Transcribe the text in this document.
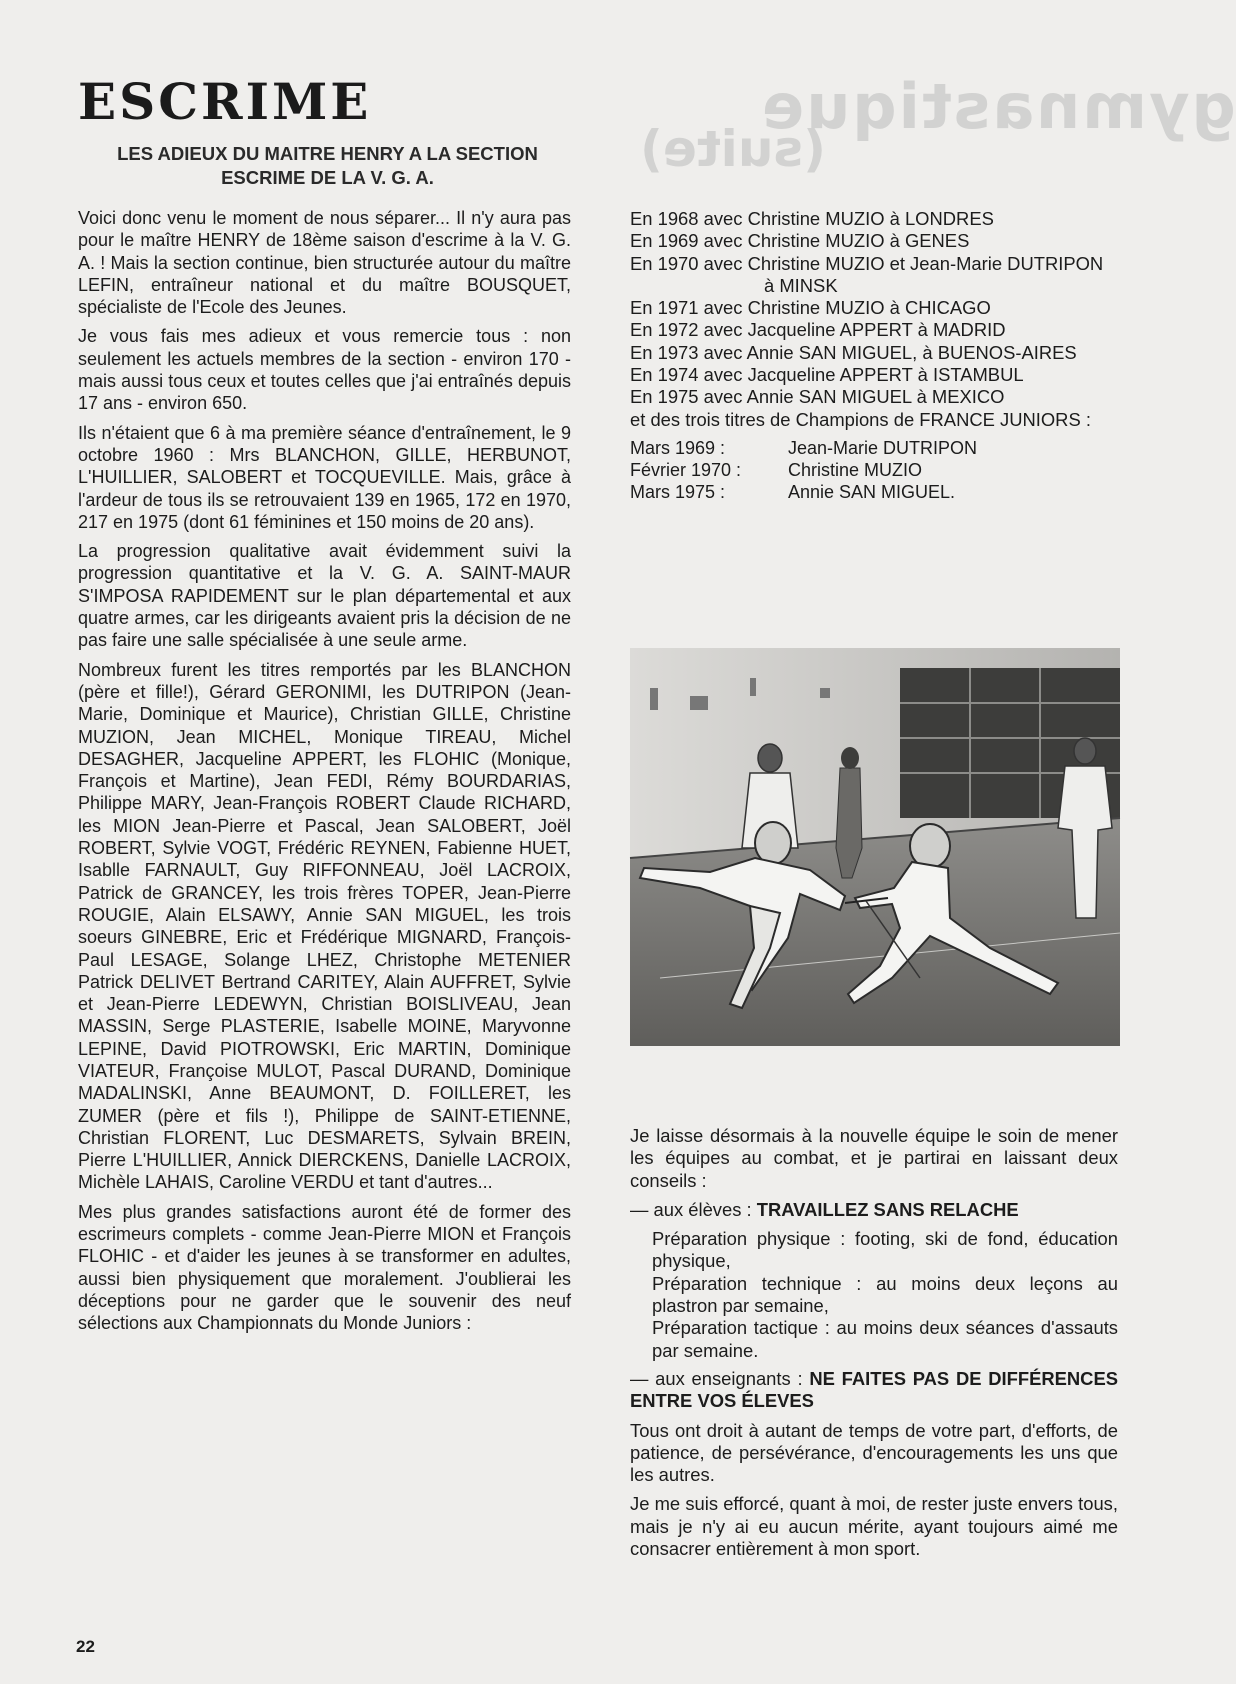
gymnastique
(suite)
ESCRIME
LES ADIEUX DU MAITRE HENRY A LA SECTION ESCRIME DE LA V. G. A.

Voici donc venu le moment de nous séparer... Il n'y aura pas pour le maître HENRY de 18ème saison d'escrime à la V. G. A. ! Mais la section continue, bien structurée autour du maître LEFIN, entraîneur national et du maître BOUSQUET, spécialiste de l'Ecole des Jeunes.

Je vous fais mes adieux et vous remercie tous : non seulement les actuels membres de la section - environ 170 - mais aussi tous ceux et toutes celles que j'ai entraînés depuis 17 ans - environ 650.

Ils n'étaient que 6 à ma première séance d'entraînement, le 9 octobre 1960 : Mrs BLANCHON, GILLE, HERBUNOT, L'HUILLIER, SALOBERT et TOCQUEVILLE. Mais, grâce à l'ardeur de tous ils se retrouvaient 139 en 1965, 172 en 1970, 217 en 1975 (dont 61 féminines et 150 moins de 20 ans).

La progression qualitative avait évidemment suivi la progression quantitative et la V. G. A. SAINT-MAUR S'IMPOSA RAPIDEMENT sur le plan départemental et aux quatre armes, car les dirigeants avaient pris la décision de ne pas faire une salle spécialisée à une seule arme.

Nombreux furent les titres remportés par les BLANCHON (père et fille!), Gérard GERONIMI, les DUTRIPON (Jean-Marie, Dominique et Maurice), Christian GILLE, Christine MUZION, Jean MICHEL, Monique TIREAU, Michel DESAGHER, Jacqueline APPERT, les FLOHIC (Monique, François et Martine), Jean FEDI, Rémy BOURDARIAS, Philippe MARY, Jean-François ROBERT Claude RICHARD, les MION Jean-Pierre et Pascal, Jean SALOBERT, Joël ROBERT, Sylvie VOGT, Frédéric REYNEN, Fabienne HUET, Isablle FARNAULT, Guy RIFFONNEAU, Joël LACROIX, Patrick de GRANCEY, les trois frères TOPER, Jean-Pierre ROUGIE, Alain ELSAWY, Annie SAN MIGUEL, les trois soeurs GINEBRE, Eric et Frédérique MIGNARD, François-Paul LESAGE, Solange LHEZ, Christophe METENIER Patrick DELIVET Bertrand CARITEY, Alain AUFFRET, Sylvie et Jean-Pierre LEDEWYN, Christian BOISLIVEAU, Jean MASSIN, Serge PLASTERIE, Isabelle MOINE, Maryvonne LEPINE, David PIOTROWSKI, Eric MARTIN, Dominique VIATEUR, Françoise MULOT, Pascal DURAND, Dominique MADALINSKI, Anne BEAUMONT, D. FOILLERET, les ZUMER (père et fils !), Philippe de SAINT-ETIENNE, Christian FLORENT, Luc DESMARETS, Sylvain BREIN, Pierre L'HUILLIER, Annick DIERCKENS, Danielle LACROIX, Michèle LAHAIS, Caroline VERDU et tant d'autres...

Mes plus grandes satisfactions auront été de former des escrimeurs complets - comme Jean-Pierre MION et François FLOHIC - et d'aider les jeunes à se transformer en adultes, aussi bien physiquement que moralement. J'oublierai les déceptions pour ne garder que le souvenir des neuf sélections aux Championnats du Monde Juniors :

En 1968 avec Christine MUZIO à LONDRES
En 1969 avec Christine MUZIO à GENES
En 1970 avec Christine MUZIO et Jean-Marie DUTRIPON à MINSK
En 1971 avec Christine MUZIO à CHICAGO
En 1972 avec Jacqueline APPERT à MADRID
En 1973 avec Annie SAN MIGUEL, à BUENOS-AIRES
En 1974 avec Jacqueline APPERT à ISTAMBUL
En 1975 avec Annie SAN MIGUEL à MEXICO

et des trois titres de Champions de FRANCE JUNIORS :

Mars 1969 :	Jean-Marie DUTRIPON
Février 1970 :	Christine MUZIO
Mars 1975 :	Annie SAN MIGUEL.

Je laisse désormais à la nouvelle équipe le soin de mener les équipes au combat, et je partirai en laissant deux conseils :

— aux élèves : TRAVAILLEZ SANS RELACHE

Préparation physique : footing, ski de fond, éducation physique,
Préparation technique : au moins deux leçons au plastron par semaine,
Préparation tactique : au moins deux séances d'assauts par semaine.

— aux enseignants : NE FAITES PAS DE DIFFÉRENCES ENTRE VOS ÉLEVES

Tous ont droit à autant de temps de votre part, d'efforts, de patience, de persévérance, d'encouragements les uns que les autres.

Je me suis efforcé, quant à moi, de rester juste envers tous, mais je n'y ai eu aucun mérite, ayant toujours aimé me consacrer entièrement à mon sport.

22
